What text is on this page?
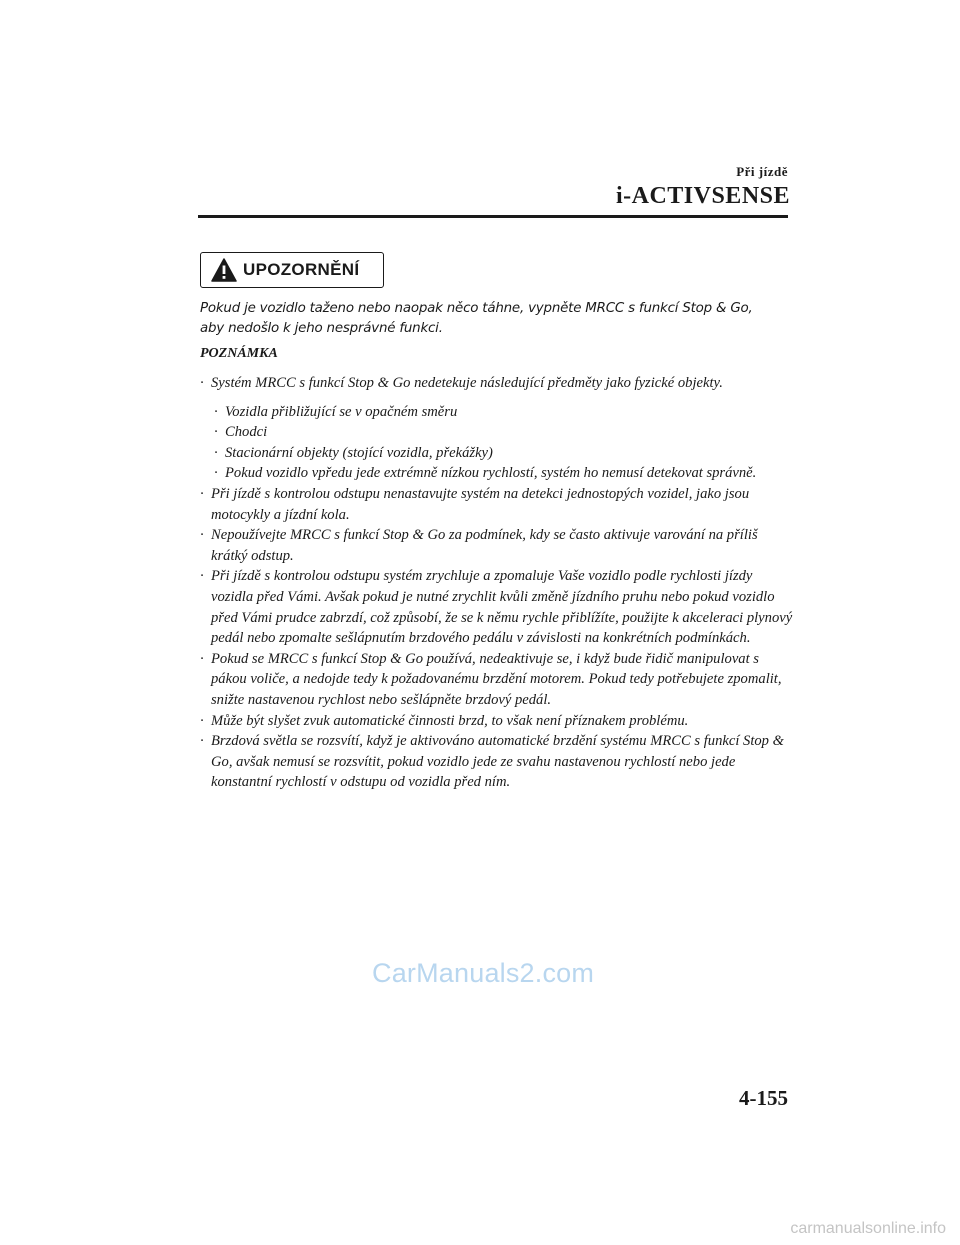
Při jízdě
i-ACTIVSENSE
UPOZORNĚNÍ
Pokud je vozidlo taženo nebo naopak něco táhne, vypněte MRCC s funkcí Stop & Go, aby nedošlo k jeho nesprávné funkci.
POZNÁMKA
· Systém MRCC s funkcí Stop & Go nedetekuje následující předměty jako fyzické objekty.
· Vozidla přibližující se v opačném směru
· Chodci
· Stacionární objekty (stojící vozidla, překážky)
· Pokud vozidlo vpředu jede extrémně nízkou rychlostí, systém ho nemusí detekovat správně.
· Při jízdě s kontrolou odstupu nenastavujte systém na detekci jednostopých vozidel, jako jsou motocykly a jízdní kola.
· Nepoužívejte MRCC s funkcí Stop & Go za podmínek, kdy se často aktivuje varování na příliš krátký odstup.
· Při jízdě s kontrolou odstupu systém zrychluje a zpomaluje Vaše vozidlo podle rychlosti jízdy vozidla před Vámi. Avšak pokud je nutné zrychlit kvůli změně jízdního pruhu nebo pokud vozidlo před Vámi prudce zabrzdí, což způsobí, že se k němu rychle přiblížíte, použijte k akceleraci plynový pedál nebo zpomalte sešlápnutím brzdového pedálu v závislosti na konkrétních podmínkách.
· Pokud se MRCC s funkcí Stop & Go používá, nedeaktivuje se, i když bude řidič manipulovat s pákou voliče, a nedojde tedy k požadovanému brzdění motorem. Pokud tedy potřebujete zpomalit, snižte nastavenou rychlost nebo sešlápněte brzdový pedál.
· Může být slyšet zvuk automatické činnosti brzd, to však není příznakem problému.
· Brzdová světla se rozsvítí, když je aktivováno automatické brzdění systému MRCC s funkcí Stop & Go, avšak nemusí se rozsvítit, pokud vozidlo jede ze svahu nastavenou rychlostí nebo jede konstantní rychlostí v odstupu od vozidla před ním.
CarManuals2.com
4-155
carmanualsonline.info
